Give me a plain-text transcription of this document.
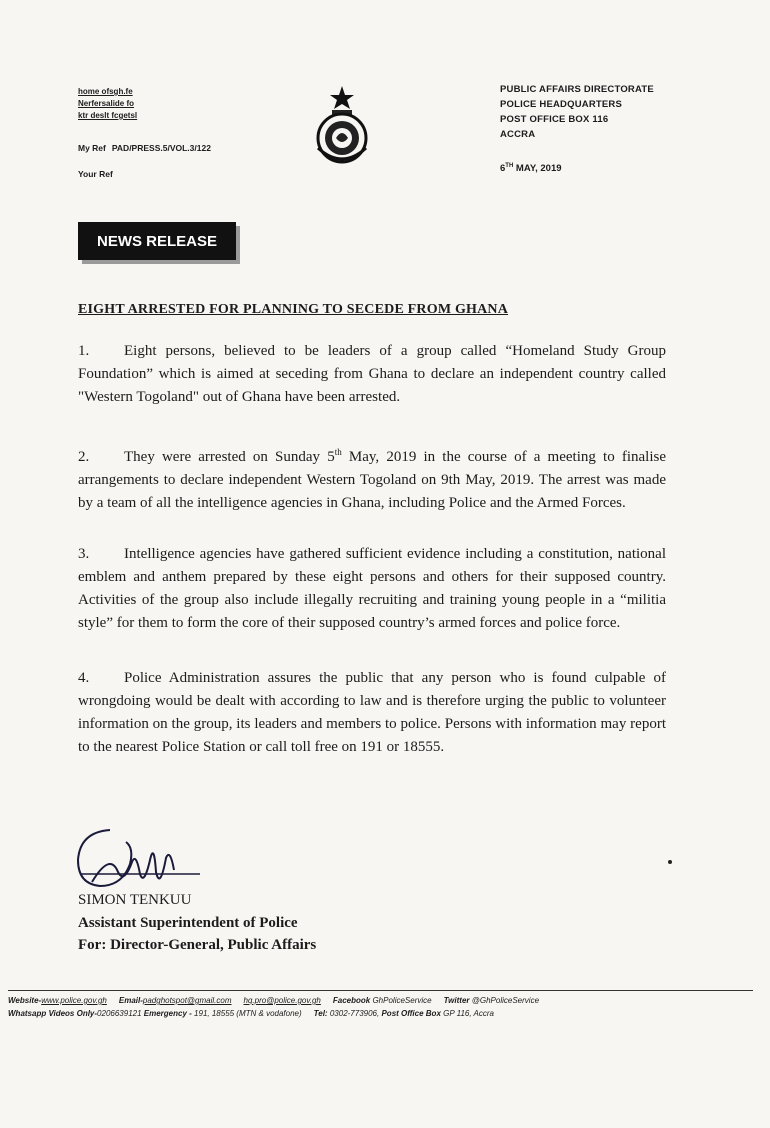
home ofsgh.fe
Nerfersalide fo
ktr deslt fcgetsl
My Ref PAD/PRESS.5/VOL.3/122
Your Ref
PUBLIC AFFAIRS DIRECTORATE
POLICE HEADQUARTERS
POST OFFICE BOX 116
ACCRA
6TH MAY, 2019
NEWS RELEASE
EIGHT ARRESTED FOR PLANNING TO SECEDE FROM GHANA
1. Eight persons, believed to be leaders of a group called “Homeland Study Group Foundation” which is aimed at seceding from Ghana to declare an independent country called "Western Togoland" out of Ghana have been arrested.
2. They were arrested on Sunday 5th May, 2019 in the course of a meeting to finalise arrangements to declare independent Western Togoland on 9th May, 2019. The arrest was made by a team of all the intelligence agencies in Ghana, including Police and the Armed Forces.
3. Intelligence agencies have gathered sufficient evidence including a constitution, national emblem and anthem prepared by these eight persons and others for their supposed country. Activities of the group also include illegally recruiting and training young people in a “militia style” for them to form the core of their supposed country’s armed forces and police force.
4. Police Administration assures the public that any person who is found culpable of wrongdoing would be dealt with according to law and is therefore urging the public to volunteer information on the group, its leaders and members to police. Persons with information may report to the nearest Police Station or call toll free on 191 or 18555.
SIMON TENKUU
Assistant Superintendent of Police
For: Director-General, Public Affairs
Website-www.police.gov.gh Email-padghotspot@gmail.com hq.pro@police.gov.gh Facebook GhPoliceService Twitter @GhPoliceService
Whatsapp Videos Only-0206639121 Emergency - 191, 18555 (MTN & vodafone) Tel: 0302-773906, Post Office Box GP 116, Accra
